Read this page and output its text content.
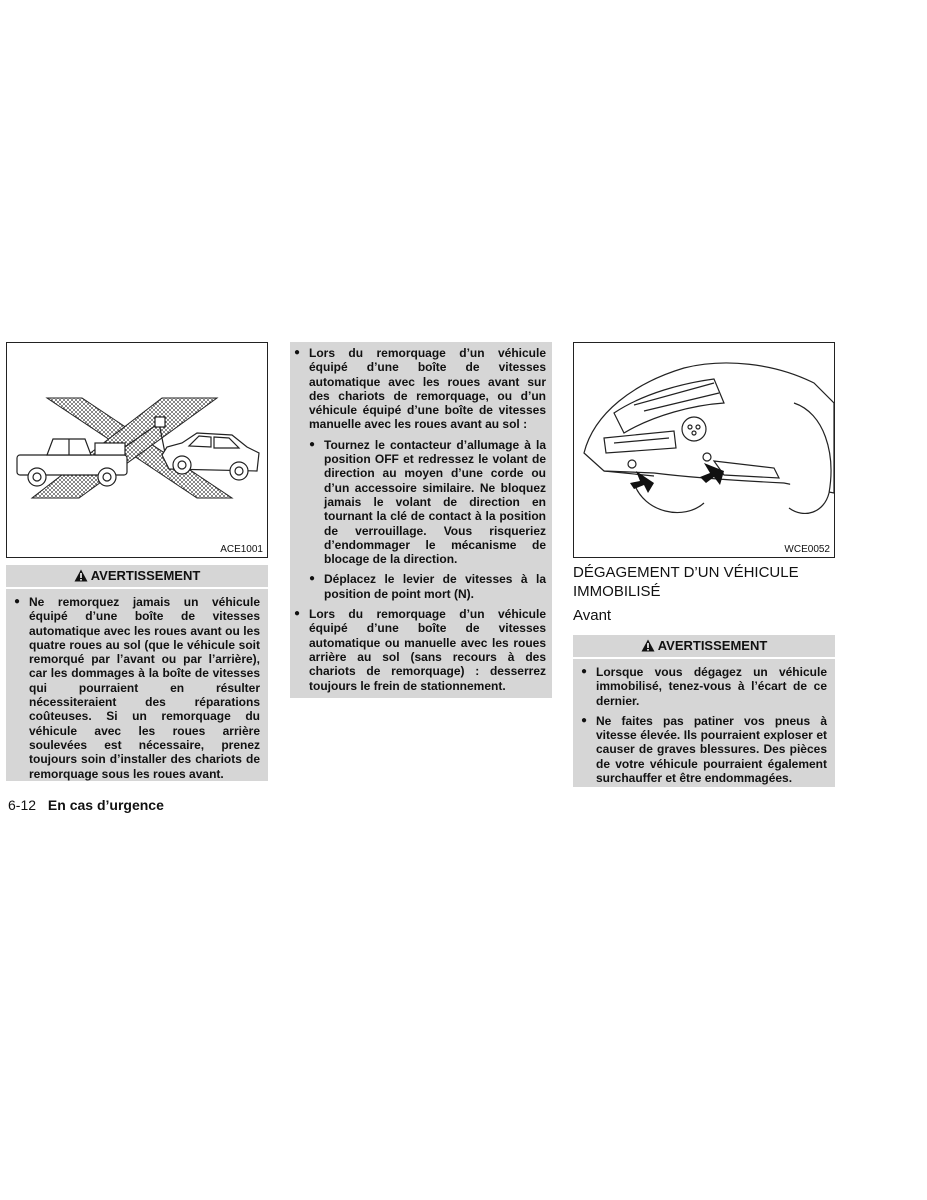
ACE1001
AVERTISSEMENT
● Ne remorquez jamais un véhicule équipé d’une boîte de vitesses automatique avec les roues avant ou les quatre roues au sol (que le véhicule soit remorqué par l’avant ou par l’arrière), car les dommages à la boîte de vitesses qui pourraient en résulter nécessiteraient des réparations coûteuses. Si un remorquage du véhicule avec les roues arrière soulevées est nécessaire, prenez toujours soin d’installer des chariots de remorquage sous les roues avant.
● Lors du remorquage d’un véhicule équipé d’une boîte de vitesses automatique avec les roues avant sur des chariots de remorquage, ou d’un véhicule équipé d’une boîte de vitesses manuelle avec les roues avant au sol :
● Tournez le contacteur d’allumage à la position OFF et redressez le volant de direction au moyen d’une corde ou d’un accessoire similaire. Ne bloquez jamais le volant de direction en tournant la clé de contact à la position de verrouillage. Vous risqueriez d’endommager le mécanisme de blocage de la direction.
● Déplacez le levier de vitesses à la position de point mort (N).
● Lors du remorquage d’un véhicule équipé d’une boîte de vitesses automatique ou manuelle avec les roues arrière au sol (sans recours à des chariots de remorquage) : desserrez toujours le frein de stationnement.
WCE0052
DÉGAGEMENT D’UN VÉHICULE
IMMOBILISÉ
Avant
AVERTISSEMENT
● Lorsque vous dégagez un véhicule immobilisé, tenez-vous à l’écart de ce dernier.
● Ne faites pas patiner vos pneus à vitesse élevée. Ils pourraient exploser et causer de graves blessures. Des pièces de votre véhicule pourraient également surchauffer et être endommagées.
6-12 En cas d’urgence
